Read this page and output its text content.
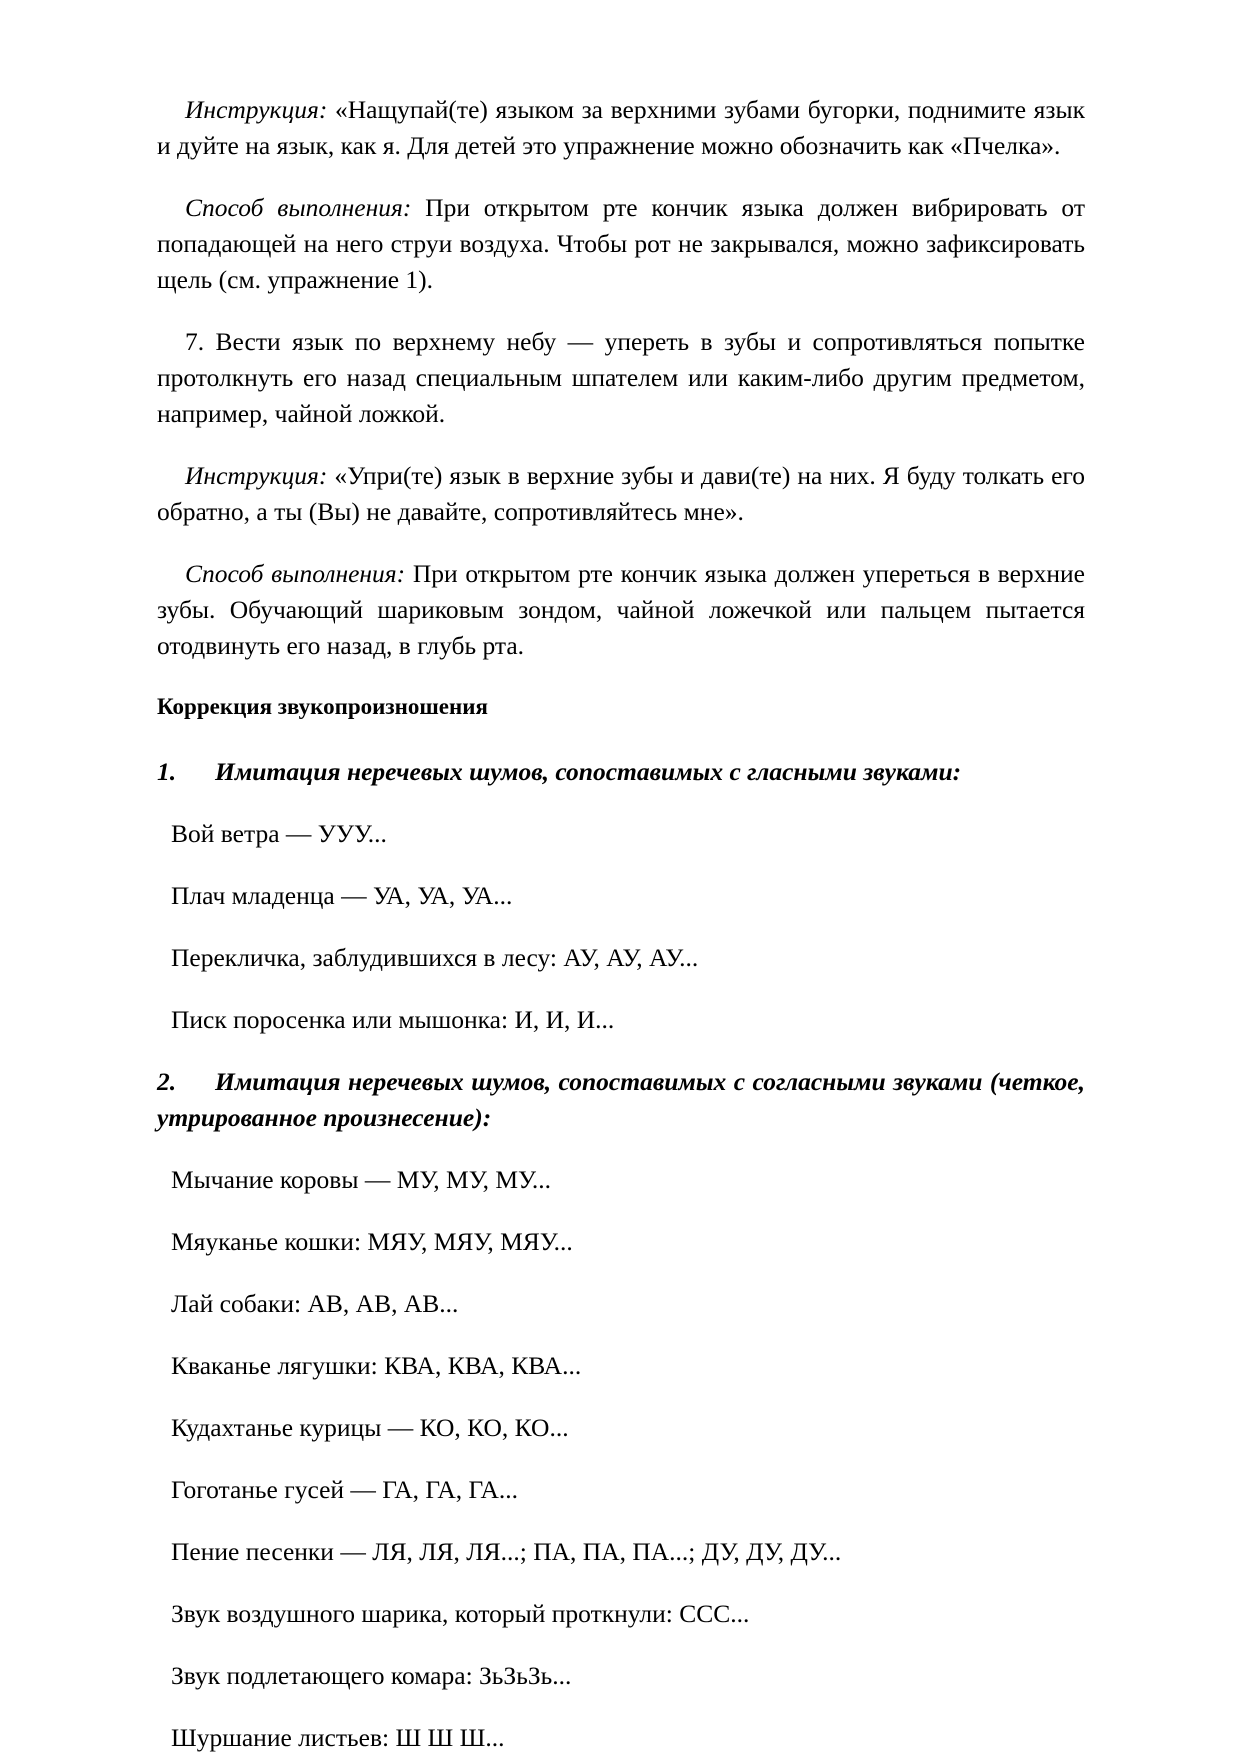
Инструкция: «Нащупай(те) языком за верхними зубами бугорки, поднимите язык и дуйте на язык, как я. Для детей это упражнение можно обозначить как «Пчелка».

Способ выполнения: При открытом рте кончик языка должен вибрировать от попадающей на него струи воздуха. Чтобы рот не закрывался, можно зафиксировать щель (см. упражнение 1).

7. Вести язык по верхнему небу — упереть в зубы и сопротивляться попытке протолкнуть его назад специальным шпателем или каким-либо другим предметом, например, чайной ложкой.

Инструкция: «Упри(те) язык в верхние зубы и дави(те) на них. Я буду толкать его обратно, а ты (Вы) не давайте, сопротивляйтесь мне».

Способ выполнения: При открытом рте кончик языка должен упереться в верхние зубы. Обучающий шариковым зондом, чайной ложечкой или пальцем пытается отодвинуть его назад, в глубь рта.

Коррекция звукопроизношения

1. Имитация неречевых шумов, сопоставимых с гласными звуками:

Вой ветра — УУУ...

Плач младенца — УА, УА, УА...

Перекличка, заблудившихся в лесу: АУ, АУ, АУ...

Писк поросенка или мышонка: И, И, И...

2. Имитация неречевых шумов, сопоставимых с согласными звуками (четкое, утрированное произнесение):

Мычание коровы — МУ, МУ, МУ...

Мяуканье кошки: МЯУ, МЯУ, МЯУ...

Лай собаки: АВ, АВ, АВ...

Кваканье лягушки: КВА, КВА, КВА...

Кудахтанье курицы — КО, КО, КО...

Гоготанье гусей — ГА, ГА, ГА...

Пение песенки — ЛЯ, ЛЯ, ЛЯ...; ПА, ПА, ПА...; ДУ, ДУ, ДУ...

Звук воздушного шарика, который проткнули: ССС...

Звук подлетающего комара: ЗьЗьЗь...

Шуршание листьев: Ш Ш Ш...
